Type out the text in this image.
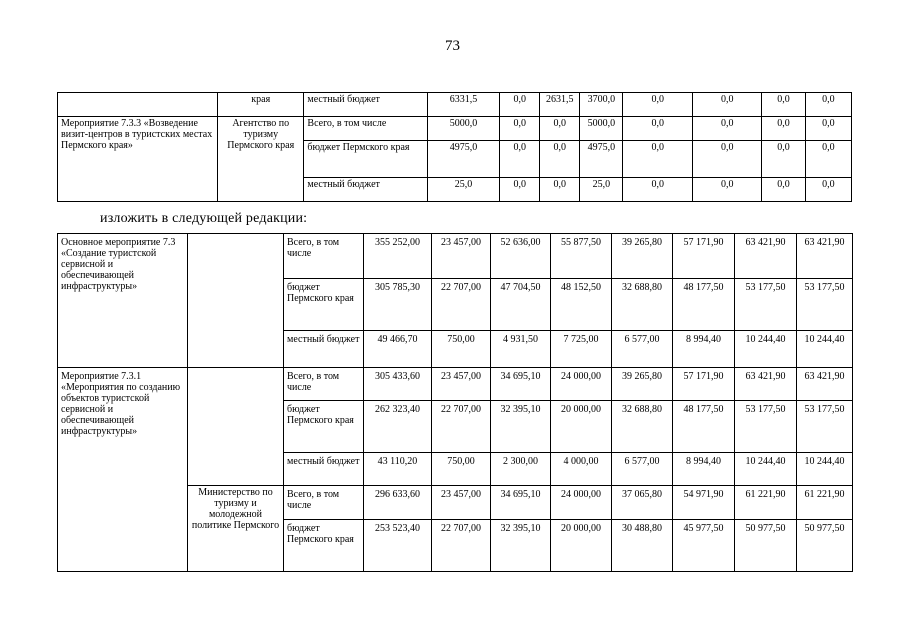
73
	края	местный бюджет	6331,5	0,0	2631,5	3700,0	0,0	0,0	0,0	0,0
Мероприятие 7.3.3 «Возведение визит-центров в туристских местах Пермского края»	Агентство по туризму Пермского края	Всего, в том числе	5000,0	0,0	0,0	5000,0	0,0	0,0	0,0	0,0
		бюджет Пермского края	4975,0	0,0	0,0	4975,0	0,0	0,0	0,0	0,0
		местный бюджет	25,0	0,0	0,0	25,0	0,0	0,0	0,0	0,0
изложить в следующей редакции:
Основное мероприятие 7.3 «Создание туристской сервисной и обеспечивающей инфраструктуры»		Всего, в том числе	355 252,00	23 457,00	52 636,00	55 877,50	39 265,80	57 171,90	63 421,90	63 421,90
		бюджет Пермского края	305 785,30	22 707,00	47 704,50	48 152,50	32 688,80	48 177,50	53 177,50	53 177,50
		местный бюджет	49 466,70	750,00	4 931,50	7 725,00	6 577,00	8 994,40	10 244,40	10 244,40
Мероприятие 7.3.1 «Мероприятия по созданию объектов туристской сервисной и обеспечивающей инфраструктуры»		Всего, в том числе	305 433,60	23 457,00	34 695,10	24 000,00	39 265,80	57 171,90	63 421,90	63 421,90
		бюджет Пермского края	262 323,40	22 707,00	32 395,10	20 000,00	32 688,80	48 177,50	53 177,50	53 177,50
		местный бюджет	43 110,20	750,00	2 300,00	4 000,00	6 577,00	8 994,40	10 244,40	10 244,40
	Министерство по туризму и молодежной политике Пермского	Всего, в том числе	296 633,60	23 457,00	34 695,10	24 000,00	37 065,80	54 971,90	61 221,90	61 221,90
		бюджет Пермского края	253 523,40	22 707,00	32 395,10	20 000,00	30 488,80	45 977,50	50 977,50	50 977,50
